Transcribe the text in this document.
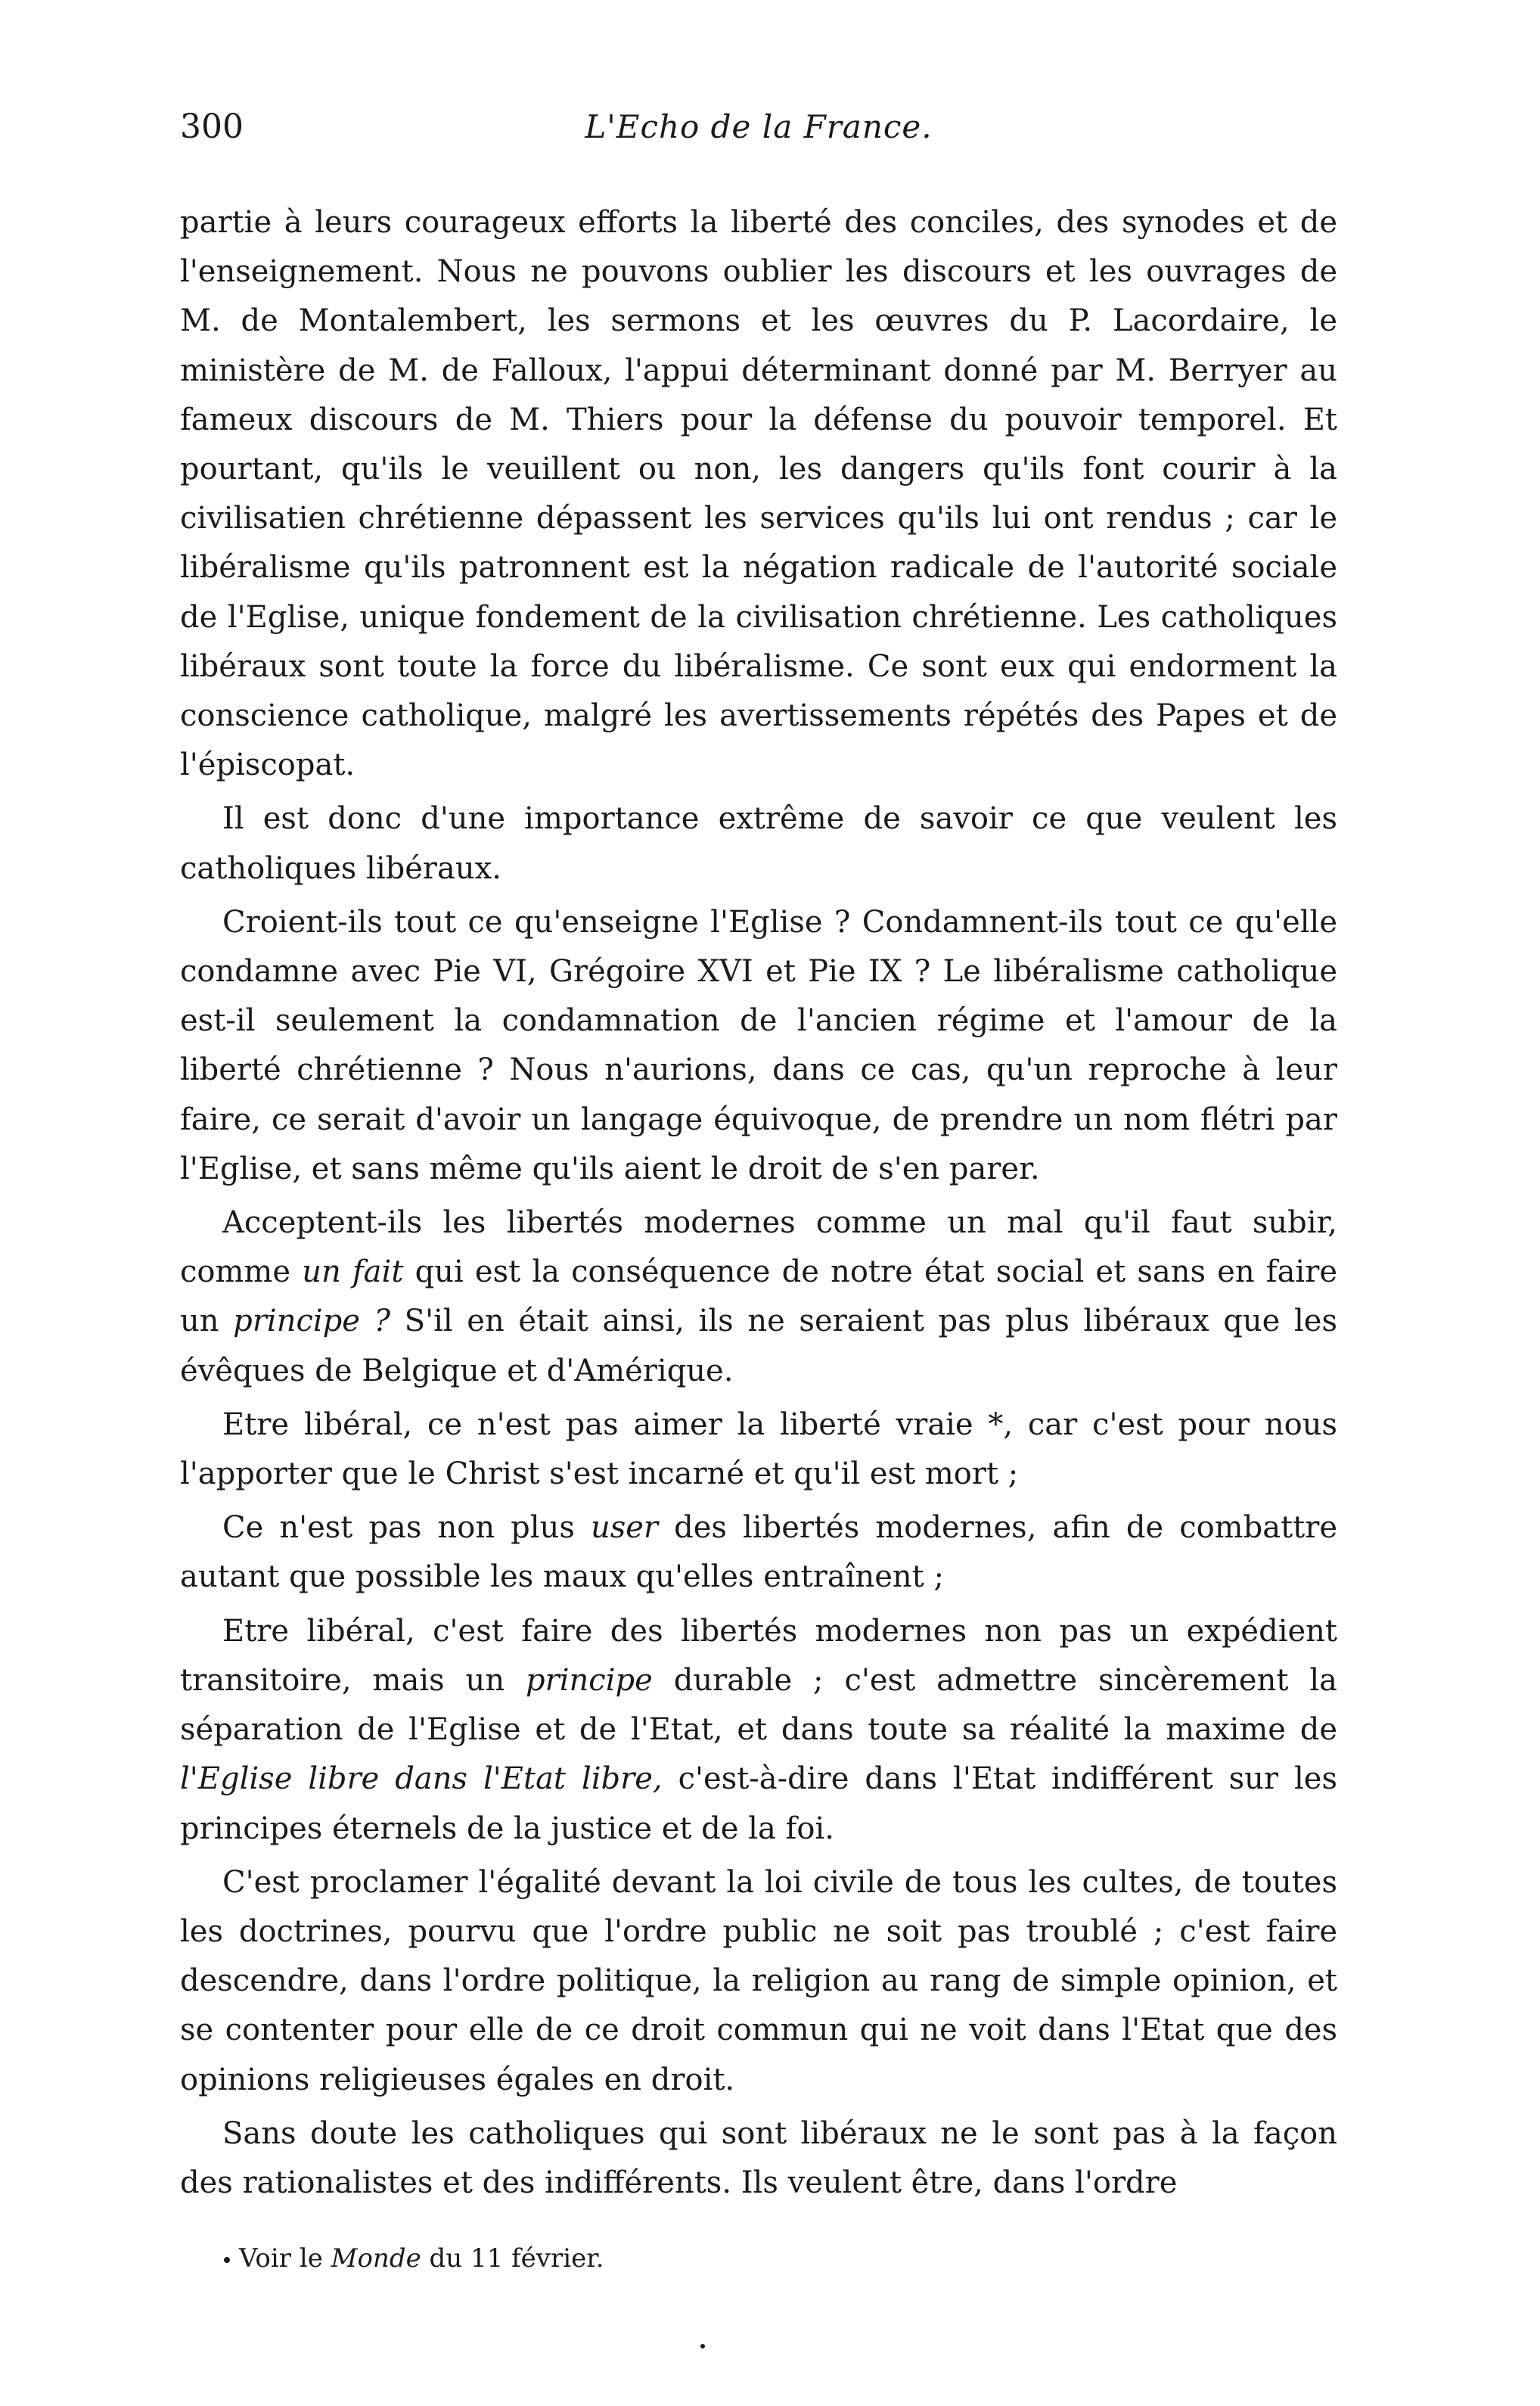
300	L'Echo de la France.

partie à leurs courageux efforts la liberté des conciles, des synodes et de l'enseignement. Nous ne pouvons oublier les discours et les ouvrages de M. de Montalembert, les sermons et les œuvres du P. Lacordaire, le ministère de M. de Falloux, l'appui déterminant donné par M. Berryer au fameux discours de M. Thiers pour la défense du pouvoir temporel. Et pourtant, qu'ils le veuillent ou non, les dangers qu'ils font courir à la civilisatien chrétienne dépassent les services qu'ils lui ont rendus ; car le libéralisme qu'ils patronnent est la négation radicale de l'autorité sociale de l'Eglise, unique fondement de la civilisation chrétienne. Les catholiques libéraux sont toute la force du libéralisme. Ce sont eux qui endorment la conscience catholique, malgré les avertissements répétés des Papes et de l'épiscopat.

Il est donc d'une importance extrême de savoir ce que veulent les catholiques libéraux.

Croient-ils tout ce qu'enseigne l'Eglise ? Condamnent-ils tout ce qu'elle condamne avec Pie VI, Grégoire XVI et Pie IX ? Le libéralisme catholique est-il seulement la condamnation de l'ancien régime et l'amour de la liberté chrétienne ? Nous n'aurions, dans ce cas, qu'un reproche à leur faire, ce serait d'avoir un langage équivoque, de prendre un nom flétri par l'Eglise, et sans même qu'ils aient le droit de s'en parer.

Acceptent-ils les libertés modernes comme un mal qu'il faut subir, comme un fait qui est la conséquence de notre état social et sans en faire un principe ? S'il en était ainsi, ils ne seraient pas plus libéraux que les évêques de Belgique et d'Amérique.

Etre libéral, ce n'est pas aimer la liberté vraie *, car c'est pour nous l'apporter que le Christ s'est incarné et qu'il est mort ;

Ce n'est pas non plus user des libertés modernes, afin de combattre autant que possible les maux qu'elles entraînent ;

Etre libéral, c'est faire des libertés modernes non pas un expédient transitoire, mais un principe durable ; c'est admettre sincèrement la séparation de l'Eglise et de l'Etat, et dans toute sa réalité la maxime de l'Eglise libre dans l'Etat libre, c'est-à-dire dans l'Etat indifférent sur les principes éternels de la justice et de la foi.

C'est proclamer l'égalité devant la loi civile de tous les cultes, de toutes les doctrines, pourvu que l'ordre public ne soit pas troublé ; c'est faire descendre, dans l'ordre politique, la religion au rang de simple opinion, et se contenter pour elle de ce droit commun qui ne voit dans l'Etat que des opinions religieuses égales en droit.

Sans doute les catholiques qui sont libéraux ne le sont pas à la façon des rationalistes et des indifférents. Ils veulent être, dans l'ordre

Voir le Monde du 11 février.
